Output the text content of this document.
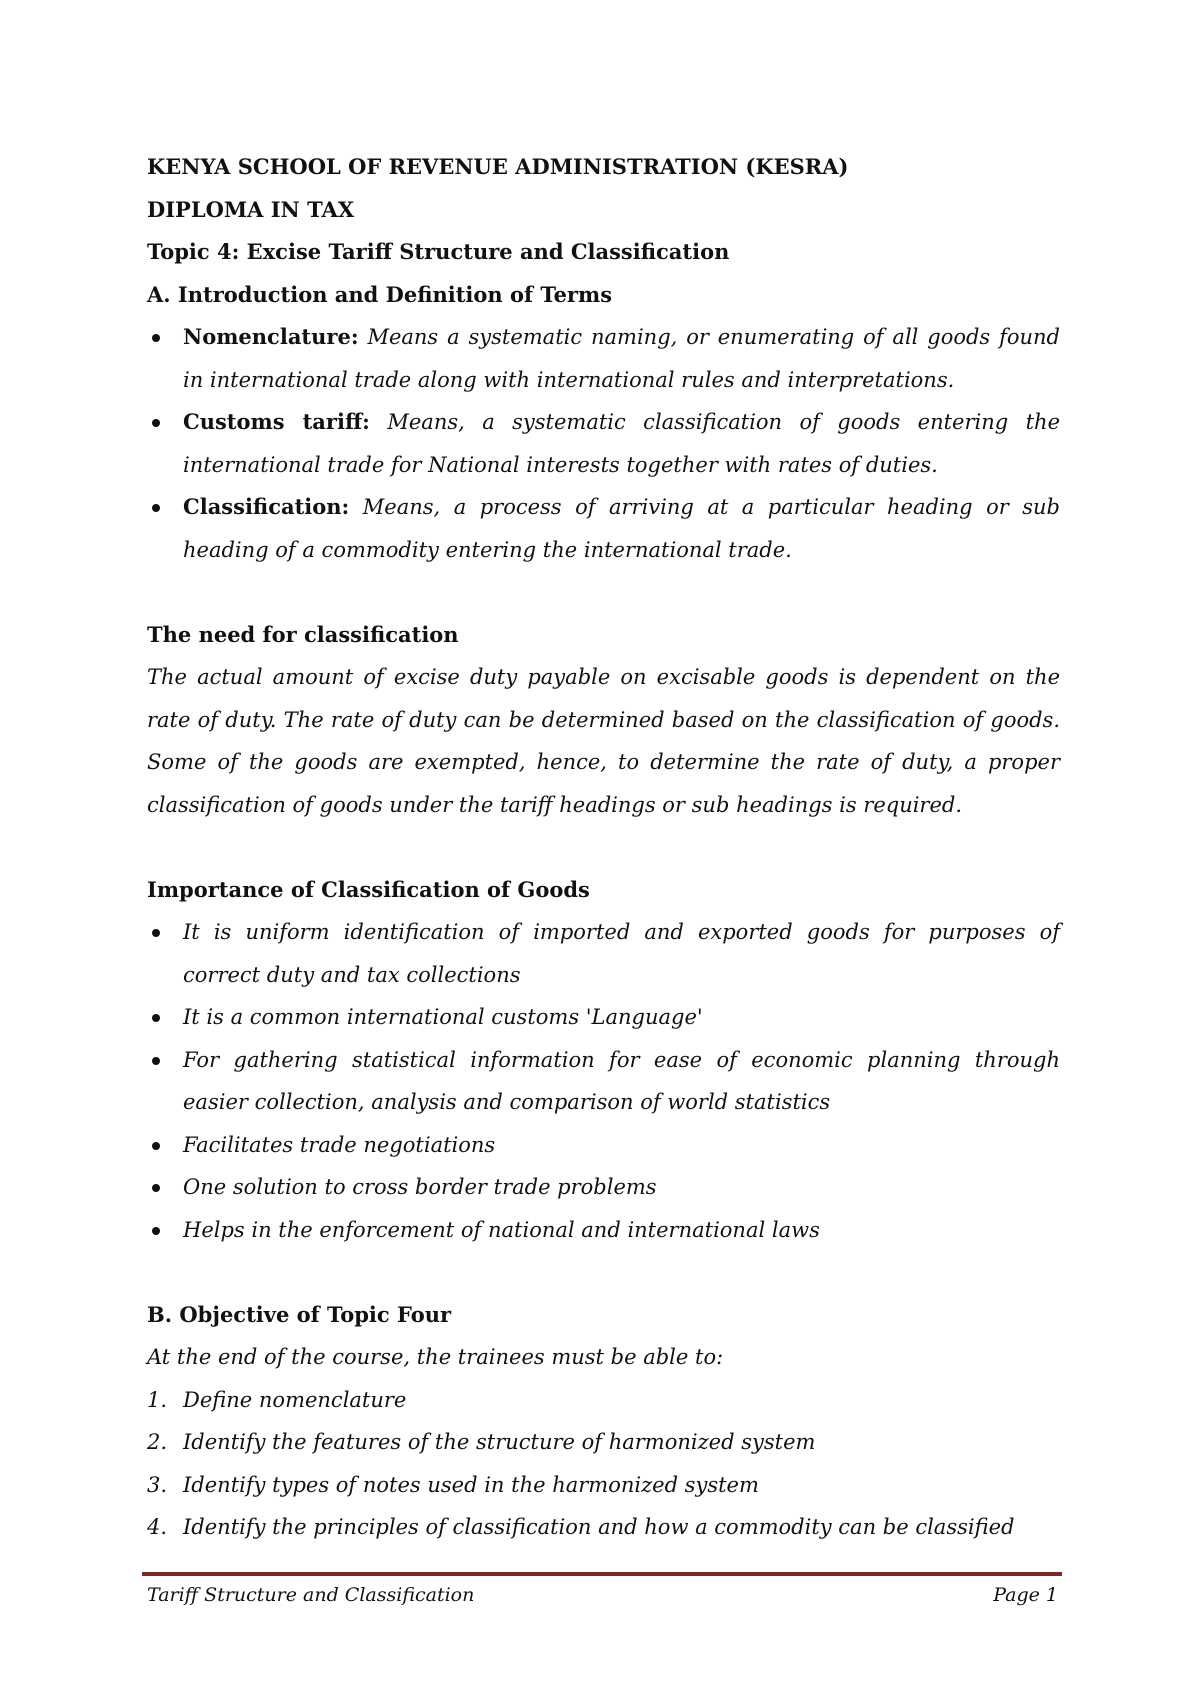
KENYA SCHOOL OF REVENUE ADMINISTRATION (KESRA)

DIPLOMA IN TAX

Topic 4: Excise Tariff Structure and Classification

A. Introduction and Definition of Terms

Nomenclature: Means a systematic naming, or enumerating of all goods found in international trade along with international rules and interpretations.
Customs tariff: Means, a systematic classification of goods entering the international trade for National interests together with rates of duties.
Classification: Means, a process of arriving at a particular heading or sub heading of a commodity entering the international trade.

The need for classification

The actual amount of excise duty payable on excisable goods is dependent on the rate of duty. The rate of duty can be determined based on the classification of goods. Some of the goods are exempted, hence, to determine the rate of duty, a proper classification of goods under the tariff headings or sub headings is required.

Importance of Classification of Goods

It is uniform identification of imported and exported goods for purposes of correct duty and tax collections
It is a common international customs 'Language'
For gathering statistical information for ease of economic planning through easier collection, analysis and comparison of world statistics
Facilitates trade negotiations
One solution to cross border trade problems
Helps in the enforcement of national and international laws

B. Objective of Topic Four

At the end of the course, the trainees must be able to:

1. Define nomenclature
2. Identify the features of the structure of harmonized system
3. Identify types of notes used in the harmonized system
4. Identify the principles of classification and how a commodity can be classified
Tariff Structure and Classification	Page 1
